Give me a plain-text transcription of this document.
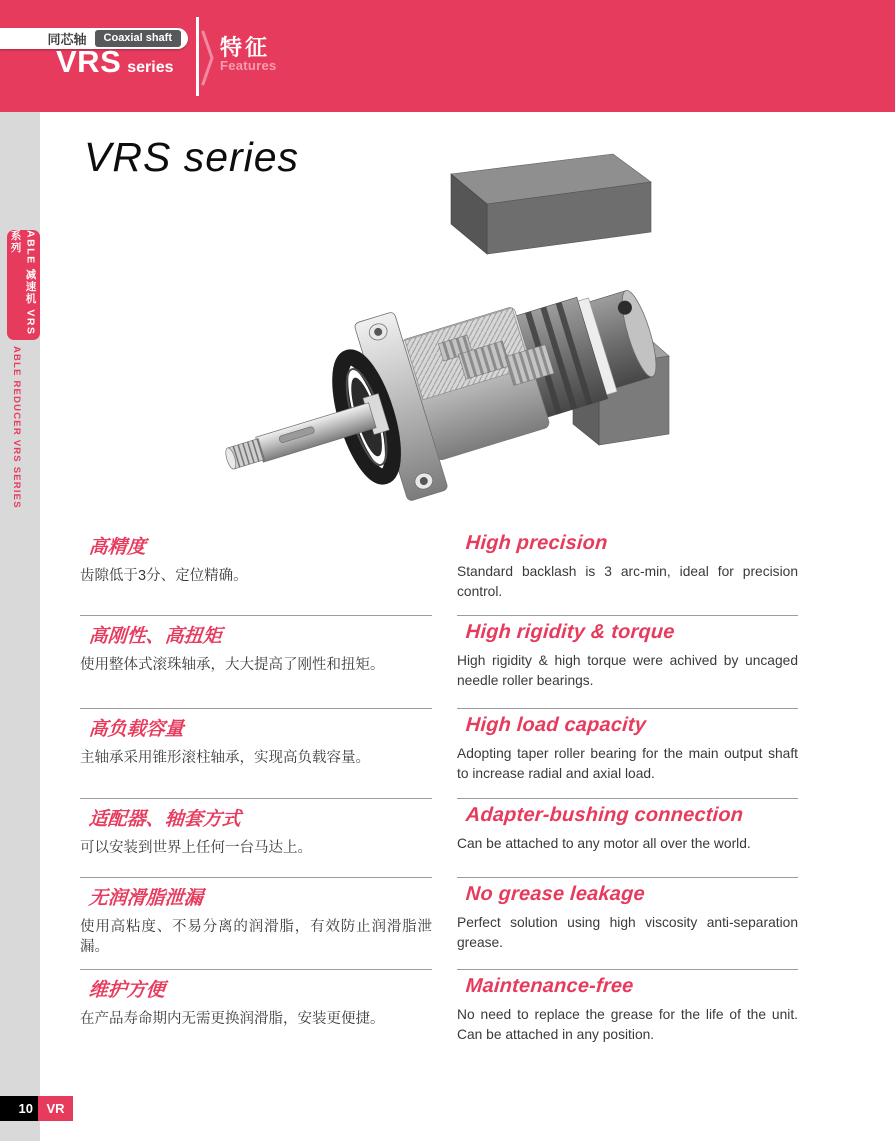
同芯轴	Coaxial shaft
VRS series
特征
Features
ABLE 减速机 VRS系列
ABLE REDUCER VRS SERIES
VRS series
高精度

齿隙低于3分、定位精确。

High precision

Standard backlash is 3 arc-min, ideal for precision control.

高刚性、高扭矩

使用整体式滚珠轴承，大大提高了刚性和扭矩。

High rigidity & torque

High rigidity & high torque were achived by uncaged needle roller bearings.

高负载容量

主轴承采用锥形滚柱轴承，实现高负载容量。

High load capacity

Adopting taper roller bearing for the main output shaft to increase radial and axial load.

适配器、轴套方式

可以安装到世界上任何一台马达上。

Adapter-bushing connection

Can be attached to any motor all over the world.

无润滑脂泄漏

使用高粘度、不易分离的润滑脂，有效防止润滑脂泄漏。

No grease leakage

Perfect solution using high viscosity anti-separation grease.

维护方便

在产品寿命期内无需更换润滑脂，安装更便捷。

Maintenance-free

No need to replace the grease for the life of the unit. Can be attached in any position.

10	VR
